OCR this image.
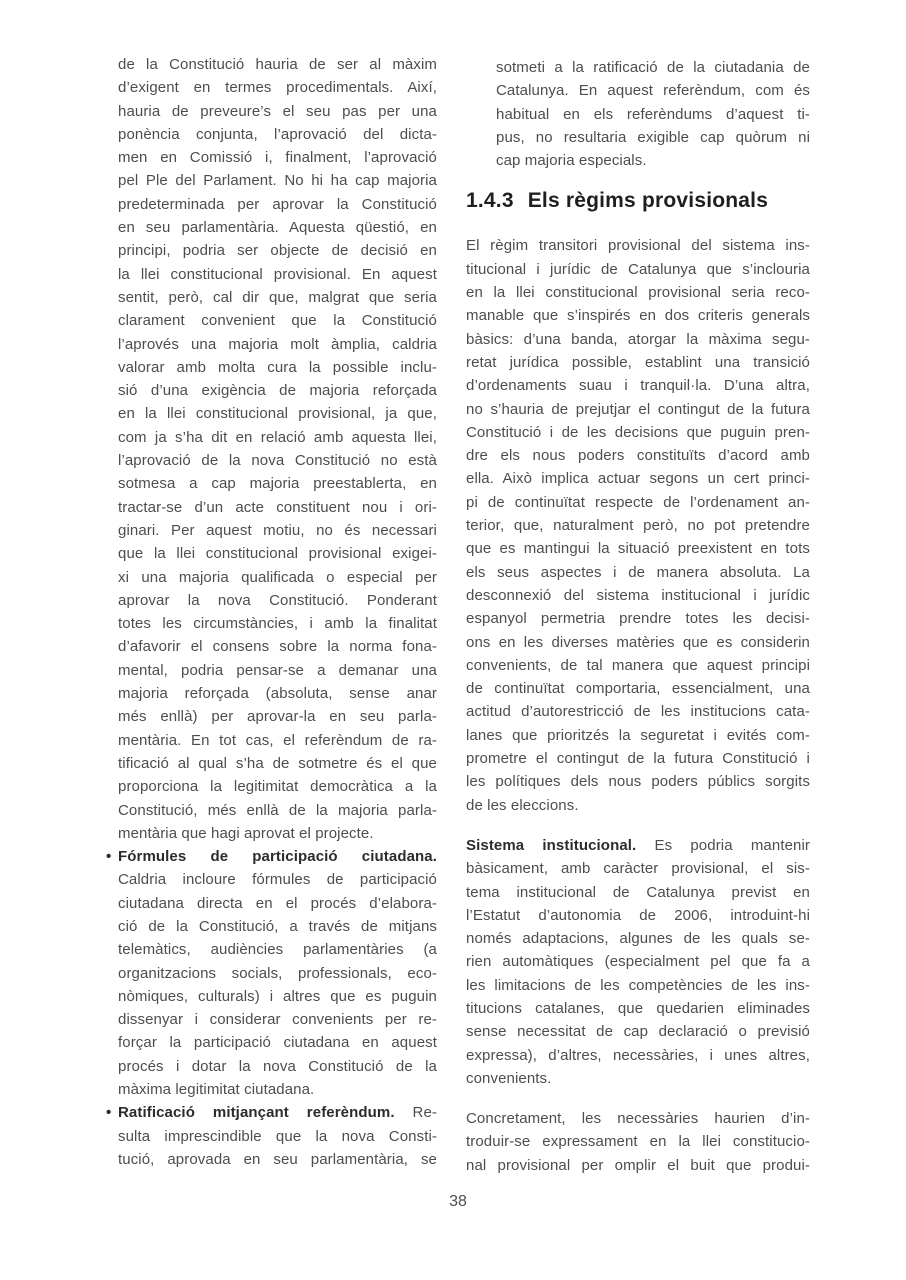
de la Constitució hauria de ser al màxim
d’exigent en termes procedimentals. Així,
hauria de preveure’s el seu pas per una
ponència conjunta, l’aprovació del dicta-
men en Comissió i, finalment, l’aprovació
pel Ple del Parlament. No hi ha cap majoria
predeterminada per aprovar la Constitució
en seu parlamentària. Aquesta qüestió, en
principi, podria ser objecte de decisió en
la llei constitucional provisional. En aquest
sentit, però, cal dir que, malgrat que seria
clarament convenient que la Constitució
l’aprovés una majoria molt àmplia, caldria
valorar amb molta cura la possible inclu-
sió d’una exigència de majoria reforçada
en la llei constitucional provisional, ja que,
com ja s’ha dit en relació amb aquesta llei,
l’aprovació de la nova Constitució no està
sotmesa a cap majoria preestablerta, en
tractar-se d’un acte constituent nou i ori-
ginari. Per aquest motiu, no és necessari
que la llei constitucional provisional exigei-
xi una majoria qualificada o especial per
aprovar la nova Constitució. Ponderant
totes les circumstàncies, i amb la finalitat
d’afavorir el consens sobre la norma fona-
mental, podria pensar-se a demanar una
majoria reforçada (absoluta, sense anar
més enllà) per aprovar-la en seu parla-
mentària. En tot cas, el referèndum de ra-
tificació al qual s’ha de sotmetre és el que
proporciona la legitimitat democràtica a la
Constitució, més enllà de la majoria parla-
mentària que hagi aprovat el projecte.
• Fórmules de participació ciutadana.
Caldria incloure fórmules de participació
ciutadana directa en el procés d’elabora-
ció de la Constitució, a través de mitjans
telemàtics, audiències parlamentàries (a
organitzacions socials, professionals, eco-
nòmiques, culturals) i altres que es puguin
dissenyar i considerar convenients per re-
forçar la participació ciutadana en aquest
procés i dotar la nova Constitució de la
màxima legitimitat ciutadana.
• Ratificació mitjançant referèndum. Re-
sulta imprescindible que la nova Consti-
tució, aprovada en seu parlamentària, se
sotmeti a la ratificació de la ciutadania de
Catalunya. En aquest referèndum, com és
habitual en els referèndums d’aquest ti-
pus, no resultaria exigible cap quòrum ni
cap majoria especials.
1.4.3 Els règims provisionals
El règim transitori provisional del sistema ins-
titucional i jurídic de Catalunya que s’inclouria
en la llei constitucional provisional seria reco-
manable que s’inspirés en dos criteris generals
bàsics: d’una banda, atorgar la màxima segu-
retat jurídica possible, establint una transició
d’ordenaments suau i tranquil·la. D’una altra,
no s’hauria de prejutjar el contingut de la futura
Constitució i de les decisions que puguin pren-
dre els nous poders constituïts d’acord amb
ella. Això implica actuar segons un cert princi-
pi de continuïtat respecte de l’ordenament an-
terior, que, naturalment però, no pot pretendre
que es mantingui la situació preexistent en tots
els seus aspectes i de manera absoluta. La
desconnexió del sistema institucional i jurídic
espanyol permetria prendre totes les decisi-
ons en les diverses matèries que es considerin
convenients, de tal manera que aquest principi
de continuïtat comportaria, essencialment, una
actitud d’autorestricció de les institucions cata-
lanes que prioritzés la seguretat i evités com-
prometre el contingut de la futura Constitució i
les polítiques dels nous poders públics sorgits
de les eleccions.
Sistema institucional. Es podria mantenir
bàsicament, amb caràcter provisional, el sis-
tema institucional de Catalunya previst en
l’Estatut d’autonomia de 2006, introduint-hi
només adaptacions, algunes de les quals se-
rien automàtiques (especialment pel que fa a
les limitacions de les competències de les ins-
titucions catalanes, que quedarien eliminades
sense necessitat de cap declaració o previsió
expressa), d’altres, necessàries, i unes altres,
convenients.
Concretament, les necessàries haurien d’in-
troduir-se expressament en la llei constitucio-
nal provisional per omplir el buit que produi-
38
